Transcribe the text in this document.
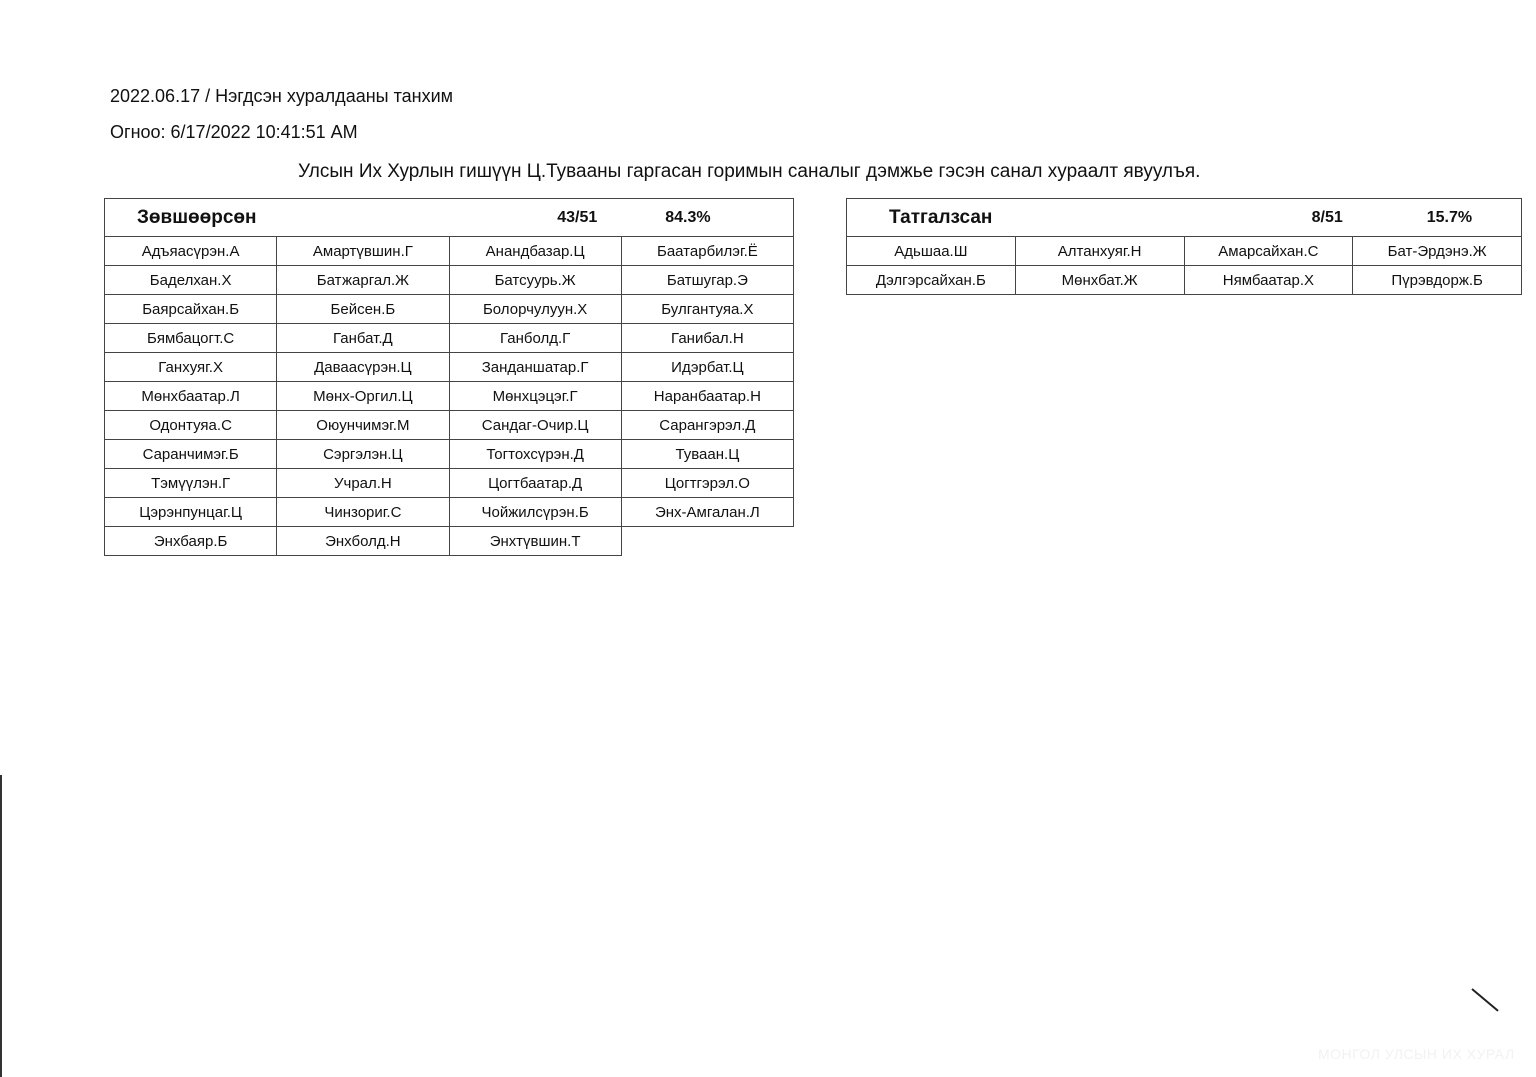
2022.06.17 / Нэгдсэн хуралдааны танхим
Огноо: 6/17/2022 10:41:51 AM
Улсын Их Хурлын гишүүн Ц.Туваан​ы гаргасан горимын саналыг дэмжье гэсэн санал хураалт явуулъя.
Зөвшөөрсөн		43/51	84.3%
Адъяасүрэн.А	Амартүвшин.Г	Анандбазар.Ц	Баатарбилэг.Ё
Баделхан.Х	Батжаргал.Ж	Батсуурь.Ж	Батшугар.Э
Баярсайхан.Б	Бейсен.Б	Болорчулуун.Х	Булгантуяа.Х
Бямбацогт.С	Ганбат.Д	Ганболд.Г	Ганибал.Н
Ганхуяг.Х	Даваасүрэн.Ц	Занданшатар.Г	Идэрбат.Ц
Мөнхбаатар.Л	Мөнх-Оргил.Ц	Мөнхцэцэг.Г	Наранбаатар.Н
Одонтуяа.С	Оюунчимэг.М	Сандаг-Очир.Ц	Сарангэрэл.Д
Саранчимэг.Б	Сэргэлэн.Ц	Тогтохсүрэн.Д	Туваан.Ц
Тэмүүлэн.Г	Учрал.Н	Цогтбаатар.Д	Цогтгэрэл.О
Цэрэнпунцаг.Ц	Чинзориг.С	Чойжилсүрэн.Б	Энх-Амгалан.Л
Энхбаяр.Б	Энхболд.Н	Энхтүвшин.Т	
Татгалзсан		8/51	15.7%
Адьшаа.Ш	Алтанхуяг.Н	Амарсайхан.С	Бат-Эрдэнэ.Ж
Дэлгэрсайхан.Б	Мөнхбат.Ж	Нямбаатар.Х	Пүрэвдорж.Б
МОНГОЛ УЛСЫН ИХ ХУРАЛ
